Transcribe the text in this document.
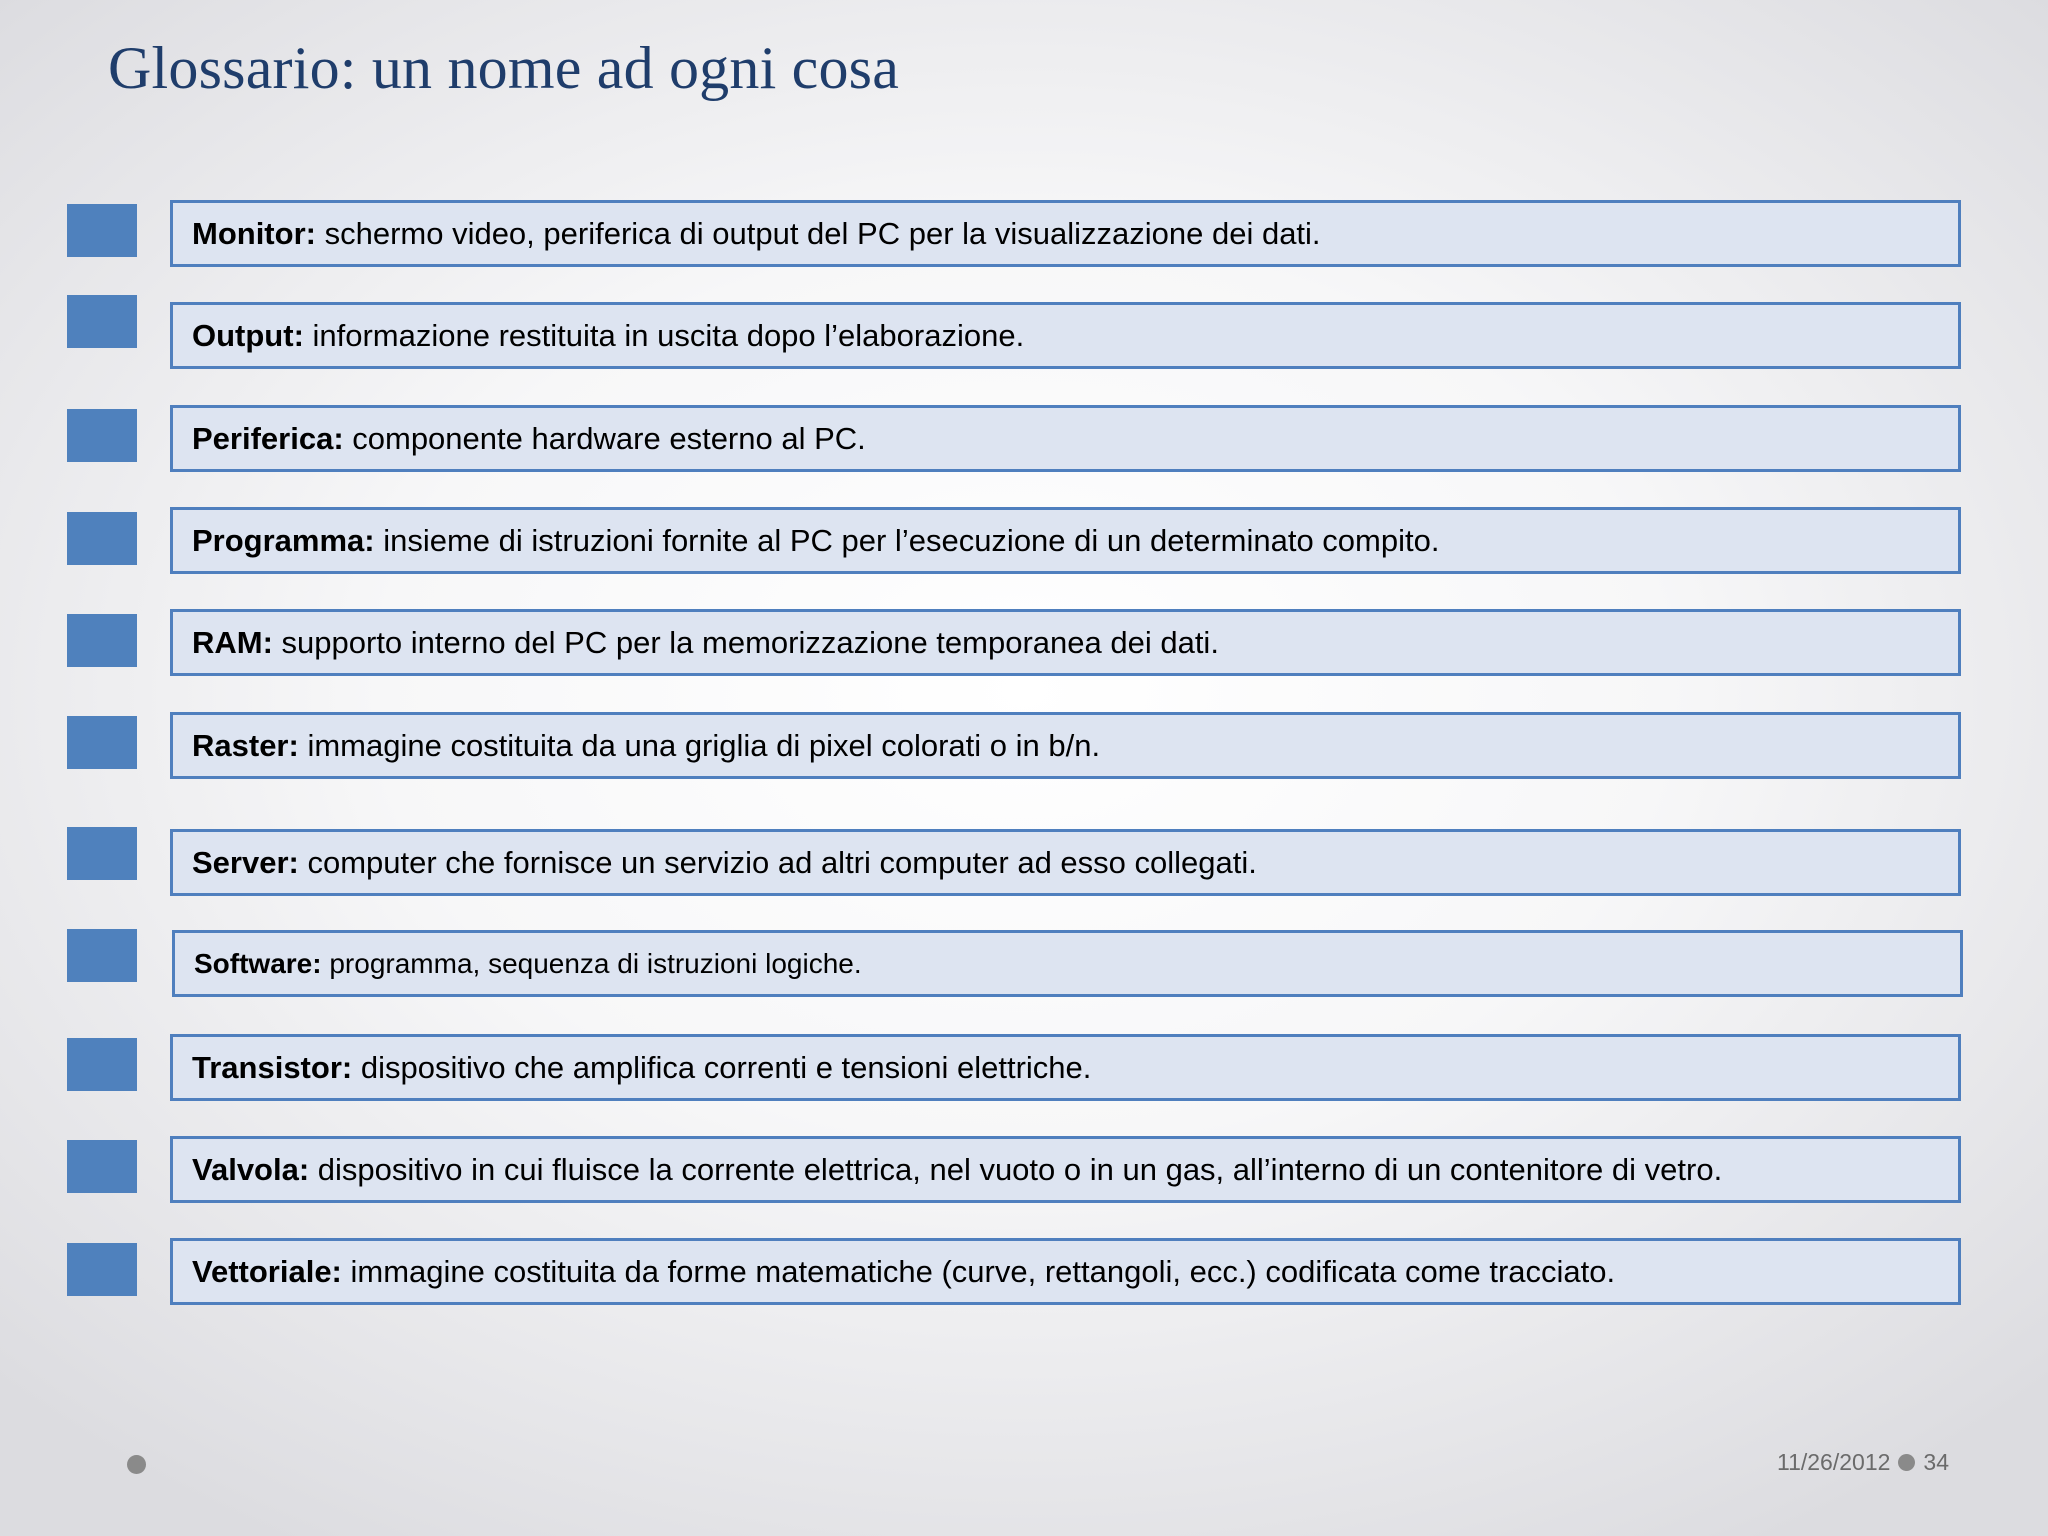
Glossario: un nome ad ogni cosa
Monitor: schermo video, periferica di output del PC per la visualizzazione dei dati.
Output: informazione restituita in uscita dopo l’elaborazione.
Periferica: componente hardware esterno al PC.
Programma: insieme di istruzioni fornite al PC per l’esecuzione di un determinato compito.
RAM: supporto interno del PC per la memorizzazione temporanea dei dati.
Raster: immagine costituita da una griglia di pixel colorati o in b/n.
Server: computer che fornisce un servizio ad altri computer ad esso collegati.
Software: programma, sequenza di istruzioni logiche.
Transistor: dispositivo che amplifica correnti e tensioni elettriche.
Valvola: dispositivo in cui fluisce la corrente elettrica, nel vuoto o in un gas, all’interno di un contenitore di vetro.
Vettoriale: immagine costituita da forme matematiche (curve, rettangoli, ecc.) codificata come tracciato.
11/26/2012 34
